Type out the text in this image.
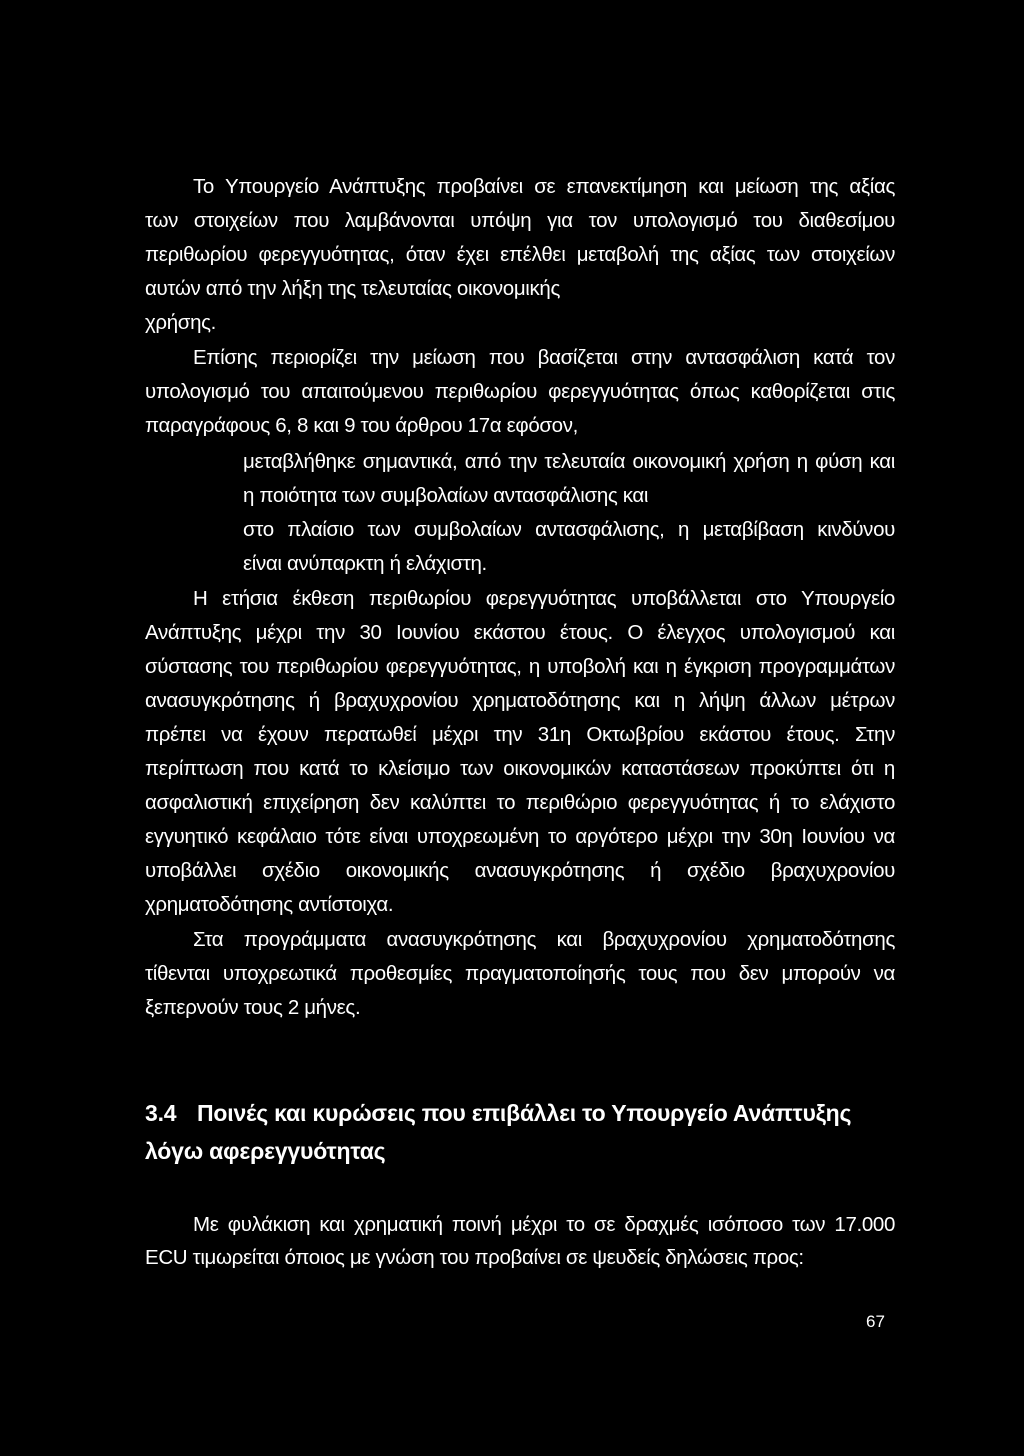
Το Υπουργείο Ανάπτυξης προβαίνει σε επανεκτίμηση και μείωση της αξίας
των στοιχείων που λαμβάνονται υπόψη για τον υπολογισμό του διαθεσίμου
περιθωρίου φερεγγυότητας, όταν έχει επέλθει μεταβολή της αξίας των στοιχείων
αυτών από την λήξη της τελευταίας οικονομικής
χρήσης.
Επίσης περιορίζει την μείωση που βασίζεται στην αντασφάλιση κατά τον
υπολογισμό του απαιτούμενου περιθωρίου φερεγγυότητας όπως καθορίζεται στις
παραγράφους 6, 8 και 9 του άρθρου 17α εφόσον,
μεταβλήθηκε σημαντικά, από την τελευταία οικονομική χρήση η φύση και
η ποιότητα των συμβολαίων αντασφάλισης και
στο πλαίσιο των συμβολαίων αντασφάλισης, η μεταβίβαση κινδύνου
είναι ανύπαρκτη ή ελάχιστη.
Η ετήσια έκθεση περιθωρίου φερεγγυότητας υποβάλλεται στο Υπουργείο
Ανάπτυξης μέχρι την 30 Ιουνίου εκάστου έτους. Ο έλεγχος υπολογισμού και
σύστασης του περιθωρίου φερεγγυότητας, η υποβολή και η έγκριση προγραμμάτων
ανασυγκρότησης ή βραχυχρονίου χρηματοδότησης και η λήψη άλλων μέτρων
πρέπει να έχουν περατωθεί μέχρι την 31η Οκτωβρίου εκάστου έτους. Στην
περίπτωση που κατά το κλείσιμο των οικονομικών καταστάσεων προκύπτει ότι η
ασφαλιστική επιχείρηση δεν καλύπτει το περιθώριο φερεγγυότητας ή το ελάχιστο
εγγυητικό κεφάλαιο τότε είναι υποχρεωμένη το αργότερο μέχρι την 30η Ιουνίου να
υποβάλλει σχέδιο οικονομικής ανασυγκρότησης ή σχέδιο βραχυχρονίου
χρηματοδότησης αντίστοιχα.
Στα προγράμματα ανασυγκρότησης και βραχυχρονίου χρηματοδότησης
τίθενται υποχρεωτικά προθεσμίες πραγματοποίησής τους που δεν μπορούν να
ξεπερνούν τους 2 μήνες.
3.4 Ποινές και κυρώσεις που επιβάλλει το Υπουργείο Ανάπτυξης
λόγω αφερεγγυότητας
Με φυλάκιση και χρηματική ποινή μέχρι το σε δραχμές ισόποσο των 17.000
ECU τιμωρείται όποιος με γνώση του προβαίνει σε ψευδείς δηλώσεις προς:
67
